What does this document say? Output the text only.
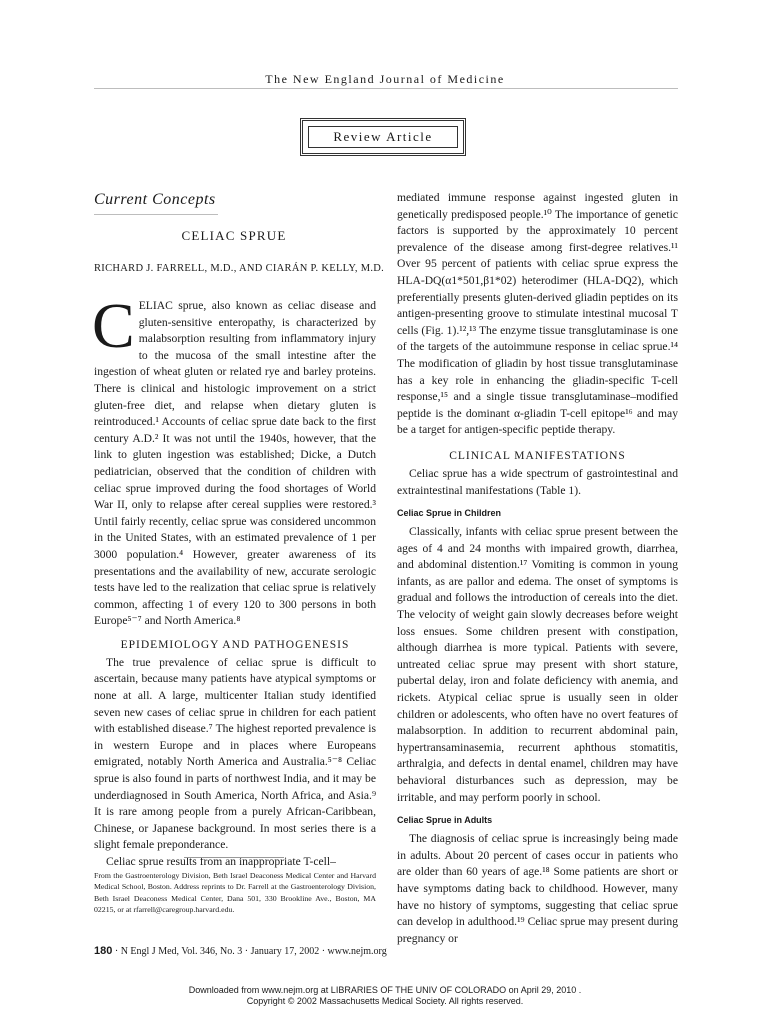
The New England Journal of Medicine
Review Article
Current Concepts
CELIAC SPRUE
RICHARD J. FARRELL, M.D., AND CIARÁN P. KELLY, M.D.
CELIAC sprue, also known as celiac disease and gluten-sensitive enteropathy, is characterized by malabsorption resulting from inflammatory injury to the mucosa of the small intestine after the ingestion of wheat gluten or related rye and barley proteins. There is clinical and histologic improvement on a strict gluten-free diet, and relapse when dietary gluten is reintroduced.¹ Accounts of celiac sprue date back to the first century A.D.² It was not until the 1940s, however, that the link to gluten ingestion was established; Dicke, a Dutch pediatrician, observed that the condition of children with celiac sprue improved during the food shortages of World War II, only to relapse after cereal supplies were restored.³ Until fairly recently, celiac sprue was considered uncommon in the United States, with an estimated prevalence of 1 per 3000 population.⁴ However, greater awareness of its presentations and the availability of new, accurate serologic tests have led to the realization that celiac sprue is relatively common, affecting 1 of every 120 to 300 persons in both Europe⁵⁻⁷ and North America.⁸
EPIDEMIOLOGY AND PATHOGENESIS
The true prevalence of celiac sprue is difficult to ascertain, because many patients have atypical symptoms or none at all. A large, multicenter Italian study identified seven new cases of celiac sprue in children for each patient with established disease.⁷ The highest reported prevalence is in western Europe and in places where Europeans emigrated, notably North America and Australia.⁵⁻⁸ Celiac sprue is also found in parts of northwest India, and it may be underdiagnosed in South America, North Africa, and Asia.⁹ It is rare among people from a purely African-Caribbean, Chinese, or Japanese background. In most series there is a slight female preponderance.
Celiac sprue results from an inappropriate T-cell–
From the Gastroenterology Division, Beth Israel Deaconess Medical Center and Harvard Medical School, Boston. Address reprints to Dr. Farrell at the Gastroenterology Division, Beth Israel Deaconess Medical Center, Dana 501, 330 Brookline Ave., Boston, MA 02215, or at rfarrell@caregroup.harvard.edu.
mediated immune response against ingested gluten in genetically predisposed people.¹⁰ The importance of genetic factors is supported by the approximately 10 percent prevalence of the disease among first-degree relatives.¹¹ Over 95 percent of patients with celiac sprue express the HLA-DQ(α1*501,β1*02) heterodimer (HLA-DQ2), which preferentially presents gluten-derived gliadin peptides on its antigen-presenting groove to stimulate intestinal mucosal T cells (Fig. 1).¹²,¹³ The enzyme tissue transglutaminase is one of the targets of the autoimmune response in celiac sprue.¹⁴ The modification of gliadin by host tissue transglutaminase has a key role in enhancing the gliadin-specific T-cell response,¹⁵ and a single tissue transglutaminase–modified peptide is the dominant α-gliadin T-cell epitope¹⁶ and may be a target for antigen-specific peptide therapy.
CLINICAL MANIFESTATIONS
Celiac sprue has a wide spectrum of gastrointestinal and extraintestinal manifestations (Table 1).
Celiac Sprue in Children
Classically, infants with celiac sprue present between the ages of 4 and 24 months with impaired growth, diarrhea, and abdominal distention.¹⁷ Vomiting is common in young infants, as are pallor and edema. The onset of symptoms is gradual and follows the introduction of cereals into the diet. The velocity of weight gain slowly decreases before weight loss ensues. Some children present with constipation, although diarrhea is more typical. Patients with severe, untreated celiac sprue may present with short stature, pubertal delay, iron and folate deficiency with anemia, and rickets. Atypical celiac sprue is usually seen in older children or adolescents, who often have no overt features of malabsorption. In addition to recurrent abdominal pain, hypertransaminasemia, recurrent aphthous stomatitis, arthralgia, and defects in dental enamel, children may have behavioral disturbances such as depression, may be irritable, and may perform poorly in school.
Celiac Sprue in Adults
The diagnosis of celiac sprue is increasingly being made in adults. About 20 percent of cases occur in patients who are older than 60 years of age.¹⁸ Some patients are short or have symptoms dating back to childhood. However, many have no history of symptoms, suggesting that celiac sprue can develop in adulthood.¹⁹ Celiac sprue may present during pregnancy or
180 · N Engl J Med, Vol. 346, No. 3 · January 17, 2002 · www.nejm.org
Downloaded from www.nejm.org at LIBRARIES OF THE UNIV OF COLORADO on April 29, 2010 .
Copyright © 2002 Massachusetts Medical Society. All rights reserved.
